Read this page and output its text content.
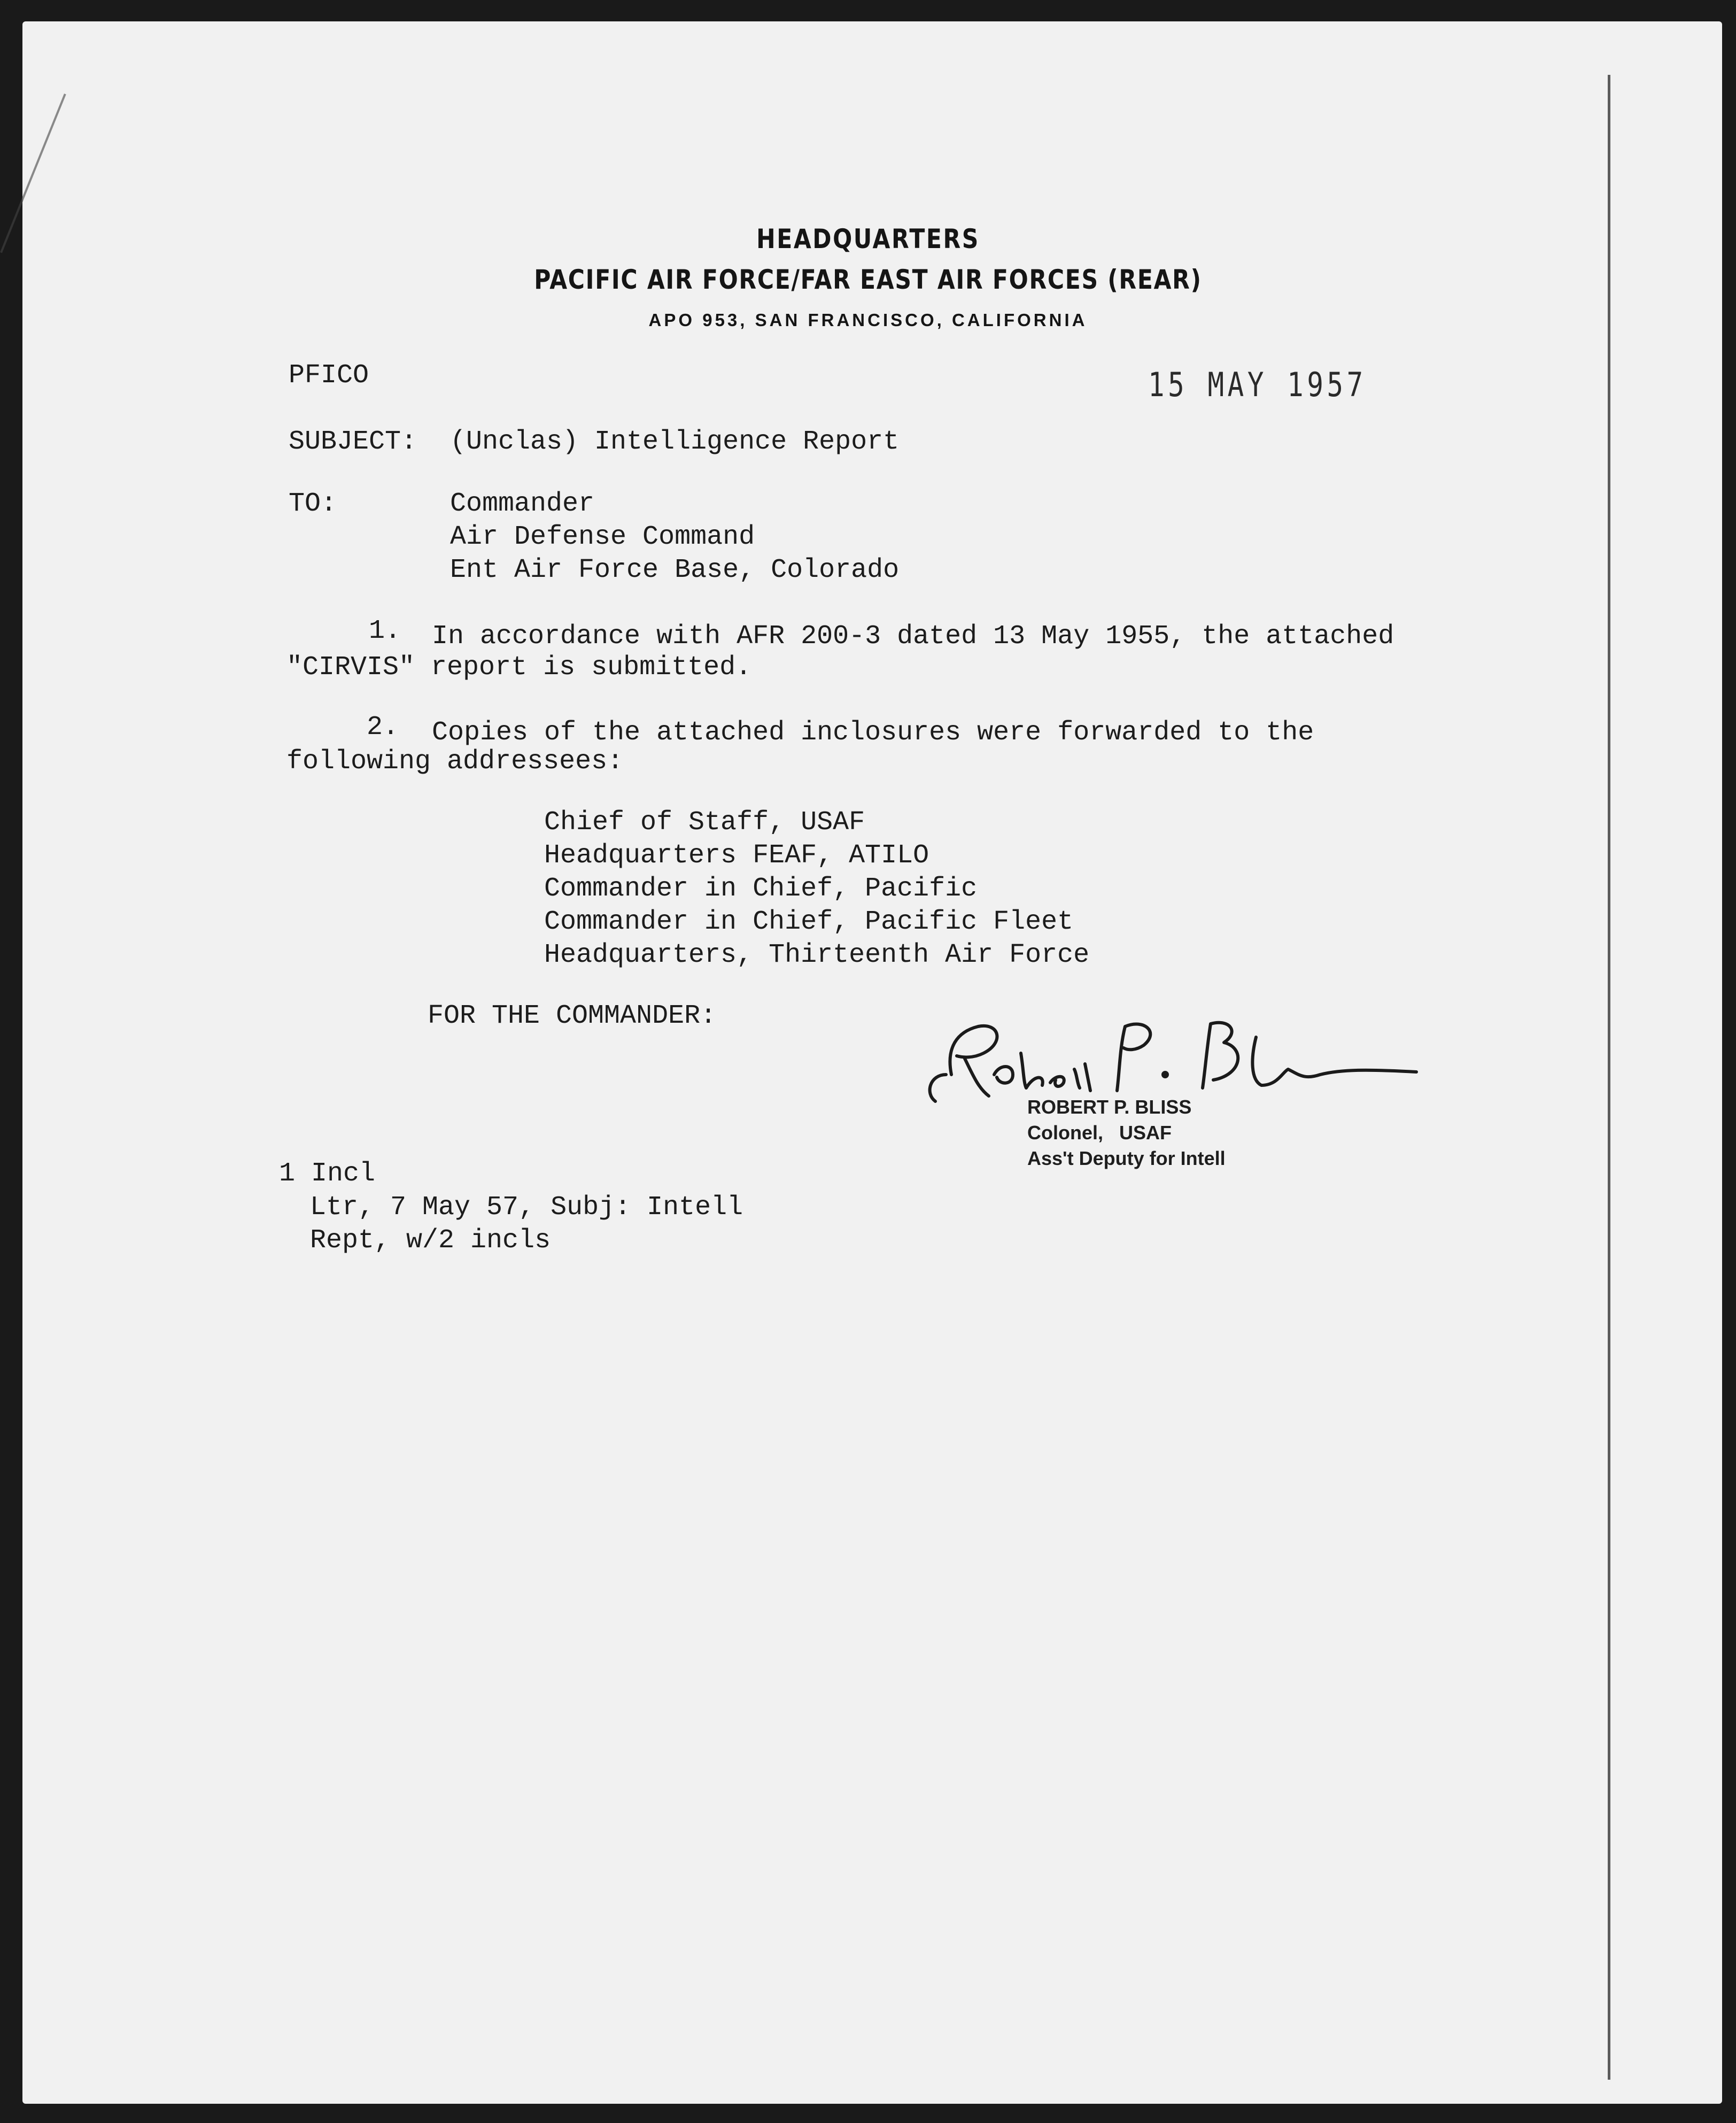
HEADQUARTERS
PACIFIC AIR FORCE/FAR EAST AIR FORCES (REAR)
APO 953, SAN FRANCISCO, CALIFORNIA
PFICO	15 MAY 1957
SUBJECT: (Unclas) Intelligence Report
TO:	Commander
Air Defense Command
Ent Air Force Base, Colorado
1. In accordance with AFR 200-3 dated 13 May 1955, the attached
"CIRVIS" report is submitted.
2. Copies of the attached inclosures were forwarded to the
following addressees:
Chief of Staff, USAF
Headquarters FEAF, ATILO
Commander in Chief, Pacific
Commander in Chief, Pacific Fleet
Headquarters, Thirteenth Air Force
FOR THE COMMANDER:
ROBERT P. BLISS
Colonel,   USAF
Ass't Deputy for Intell
1 Incl
Ltr, 7 May 57, Subj: Intell
Rept, w/2 incls
